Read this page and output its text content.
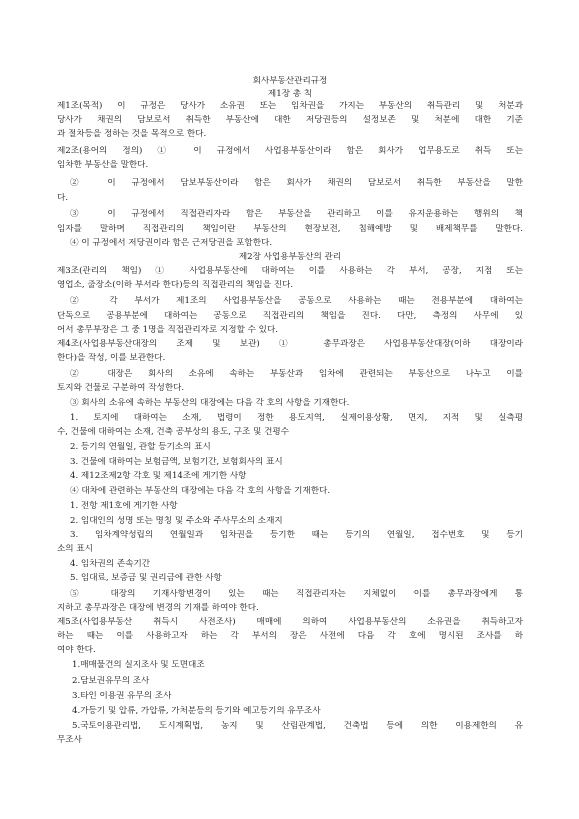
회사부동산관리규정
제1장 총 칙
제1조(목적) 이 규정은 당사가 소유권 또는 임차권을 가지는 부동산의 취득관리 및 처분과
당사가 채권의 담보로서 취득한 부동산에 대한 저당권등의 설정보존 및 처분에 대한 기준
과 절차등을 정하는 것을 목적으로 한다.
제2조(용어의 정의) ① 이 규정에서 사업용부동산이라 함은 회사가 업무용도로 취득 또는
임차한 부동산을 말한다.
② 이 규정에서 담보부동산이라 함은 회사가 채권의 담보로서 취득한 부동산을 말한
다.
③ 이 규정에서 직접관리자라 함은 부동산을 관리하고 이를 유지운용하는 행위의 책
임자를 말하며 직접관리의 책임이란 부동산의 현장보전, 침해예방 및 배제책무를 말한다.
④ 이 규정에서 저당권이라 함은 근저당권을 포함한다.
제2장 사업용부동산의 관리
제3조(관리의 책임) ① 사업용부동산에 대하여는 이를 사용하는 각 부서, 공장, 지점 또는
영업소, 출장소(이하 부서라 한다)등의 직접관리의 책임을 진다.
② 각 부서가 제1조의 사업용부동산을 공동으로 사용하는 때는 전용부분에 대하여는
단독으로 공용부분에 대하여는 공동으로 직접관리의 책임을 진다. 다만, 측정의 사무에 있
어서 총무부장은 그 중 1명을 직접관리자로 지정할 수 있다.
제4조(사업용부동산대장의 조제 및 보관) ① 총무과장은 사업용부동산대장(이하 대장이라
한다)을 작성, 이를 보관한다.
② 대장은 회사의 소유에 속하는 부동산과 임차에 관련되는 부동산으로 나누고 이를
토지와 건물로 구분하여 작성한다.
③ 회사의 소유에 속하는 부동산의 대장에는 다음 각 호의 사항을 기재한다.
1. 토지에 대하여는 소재, 법령이 정한 용도지역, 실제이용상황, 면지, 지적 및 실측평
수, 건물에 대하여는 소재, 건축 공부상의 용도, 구조 및 건평수
2. 등기의 연월일, 관할 등기소의 표시
3. 건물에 대하여는 보험금액, 보험기간, 보험회사의 표시
4. 제12조제2항 각호 및 제14조에 게기한 사항
④ 대차에 관련하는 부동산의 대장에는 다음 각 호의 사항을 기재한다.
1. 전항 제1호에 게기한 사항
2. 임대인의 성명 또는 명칭 및 주소와 주사무소의 소재지
3. 임차계약성립의 연월일과 임차권을 등기한 때는 등기의 연월일, 접수번호 및 등기
소의 표시
4. 임차권의 존속기간
5. 임대료, 보증금 및 권리금에 관한 사항
⑤ 대장의 기재사항변경이 있는 때는 직접관리자는 지체없이 이를 총무과장에게 통
지하고 총무과장은 대장에 변경의 기재를 하여야 한다.
제5조(사업용부동산 취득시 사전조사) 매매에 의하여 사업용부동산의 소유권을 취득하고자
하는 때는 이를 사용하고자 하는 각 부서의 장은 사전에 다음 각 호에 명시된 조사를 하
여야 한다.
1.매매물건의 실지조사 및 도면대조
2.담보권유무의 조사
3.타인 이용권 유무의 조사
4.가등기 및 압류, 가압류, 가처분등의 등기와 예고등기의 유무조사
5.국토이용관리법, 도시계획법, 농지 및 산림관계법, 건축법 등에 의한 이용제한의 유
무조사
